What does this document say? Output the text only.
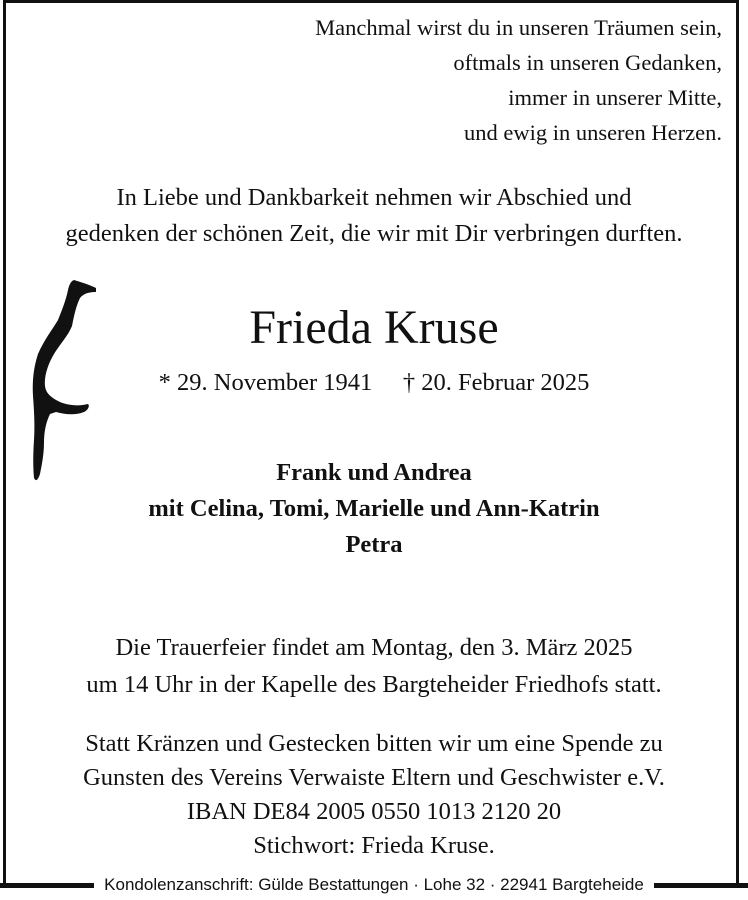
Manchmal wirst du in unseren Träumen sein,
oftmals in unseren Gedanken,
immer in unserer Mitte,
und ewig in unseren Herzen.
In Liebe und Dankbarkeit nehmen wir Abschied und
gedenken der schönen Zeit, die wir mit Dir verbringen durften.
Frieda Kruse
* 29. November 1941 † 20. Februar 2025
Frank und Andrea
mit Celina, Tomi, Marielle und Ann-Katrin
Petra
Die Trauerfeier findet am Montag, den 3. März 2025
um 14 Uhr in der Kapelle des Bargteheider Friedhofs statt.
Statt Kränzen und Gestecken bitten wir um eine Spende zu
Gunsten des Vereins Verwaiste Eltern und Geschwister e.V.
IBAN DE84 2005 0550 1013 2120 20
Stichwort: Frieda Kruse.
Kondolenzanschrift: Gülde Bestattungen · Lohe 32 · 22941 Bargteheide
